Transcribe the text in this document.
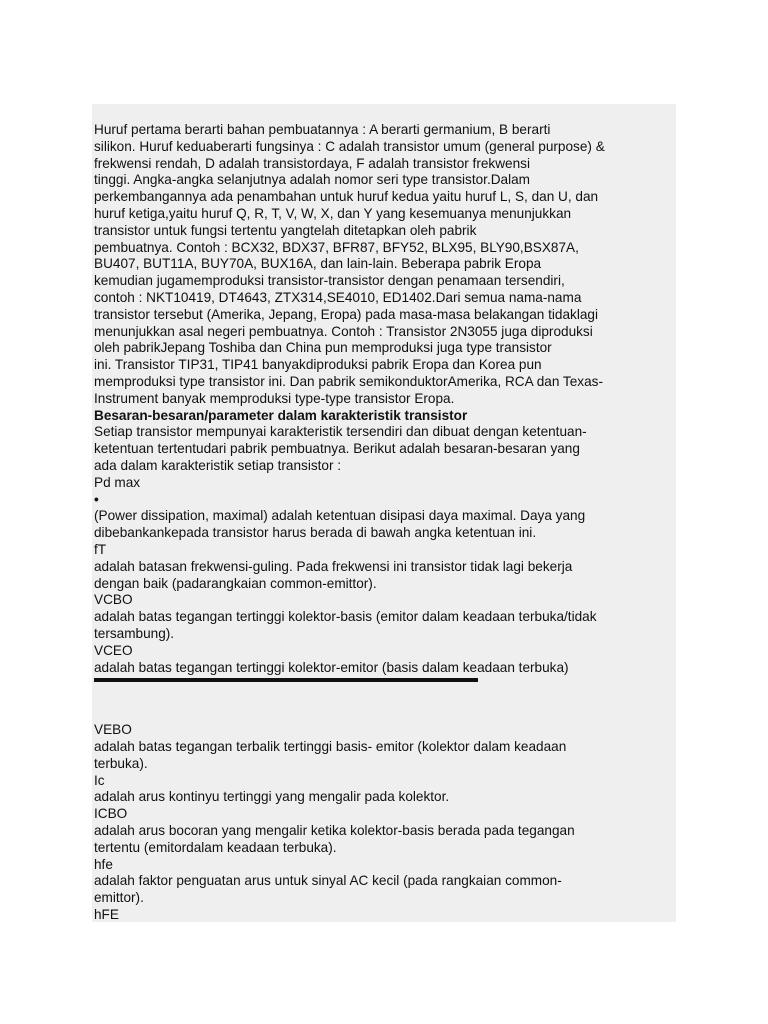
Huruf pertama berarti bahan pembuatannya : A berarti germanium, B berarti
silikon. Huruf keduaberarti fungsinya : C adalah transistor umum (general purpose) &
frekwensi rendah, D adalah transistordaya, F adalah transistor frekwensi
tinggi. Angka-angka selanjutnya adalah nomor seri type transistor.Dalam
perkembangannya ada penambahan untuk huruf kedua yaitu huruf L, S, dan U, dan
huruf ketiga,yaitu huruf Q, R, T, V, W, X, dan Y yang kesemuanya menunjukkan
transistor untuk fungsi tertentu yangtelah ditetapkan oleh pabrik
pembuatnya. Contoh : BCX32, BDX37, BFR87, BFY52, BLX95, BLY90,BSX87A,
BU407, BUT11A, BUY70A, BUX16A, dan lain-lain. Beberapa pabrik Eropa
kemudian jugamemproduksi transistor-transistor dengan penamaan tersendiri,
contoh : NKT10419, DT4643, ZTX314,SE4010, ED1402.Dari semua nama-nama
transistor tersebut (Amerika, Jepang, Eropa) pada masa-masa belakangan tidaklagi
menunjukkan asal negeri pembuatnya. Contoh : Transistor 2N3055 juga diproduksi
oleh pabrikJepang Toshiba dan China pun memproduksi juga type transistor
ini. Transistor TIP31, TIP41 banyakdiproduksi pabrik Eropa dan Korea pun
memproduksi type transistor ini. Dan pabrik semikonduktorAmerika, RCA dan Texas-
Instrument banyak memproduksi type-type transistor Eropa.
Besaran-besaran/parameter dalam karakteristik transistor
Setiap transistor mempunyai karakteristik tersendiri dan dibuat dengan ketentuan-
ketentuan tertentudari pabrik pembuatnya. Berikut adalah besaran-besaran yang
ada dalam karakteristik setiap transistor :
Pd max
•
(Power dissipation, maximal) adalah ketentuan disipasi daya maximal. Daya yang
dibebankankepada transistor harus berada di bawah angka ketentuan ini.
fT
adalah batasan frekwensi-guling. Pada frekwensi ini transistor tidak lagi bekerja
dengan baik (padarangkaian common-emittor).
VCBO
adalah batas tegangan tertinggi kolektor-basis (emitor dalam keadaan terbuka/tidak
tersambung).
VCEO
adalah batas tegangan tertinggi kolektor-emitor (basis dalam keadaan terbuka)
VEBO
adalah batas tegangan terbalik tertinggi basis- emitor (kolektor dalam keadaan
terbuka).
Ic
adalah arus kontinyu tertinggi yang mengalir pada kolektor.
ICBO
adalah arus bocoran yang mengalir ketika kolektor-basis berada pada tegangan
tertentu (emitordalam keadaan terbuka).
hfe
adalah faktor penguatan arus untuk sinyal AC kecil (pada rangkaian common-
emittor).
hFE
